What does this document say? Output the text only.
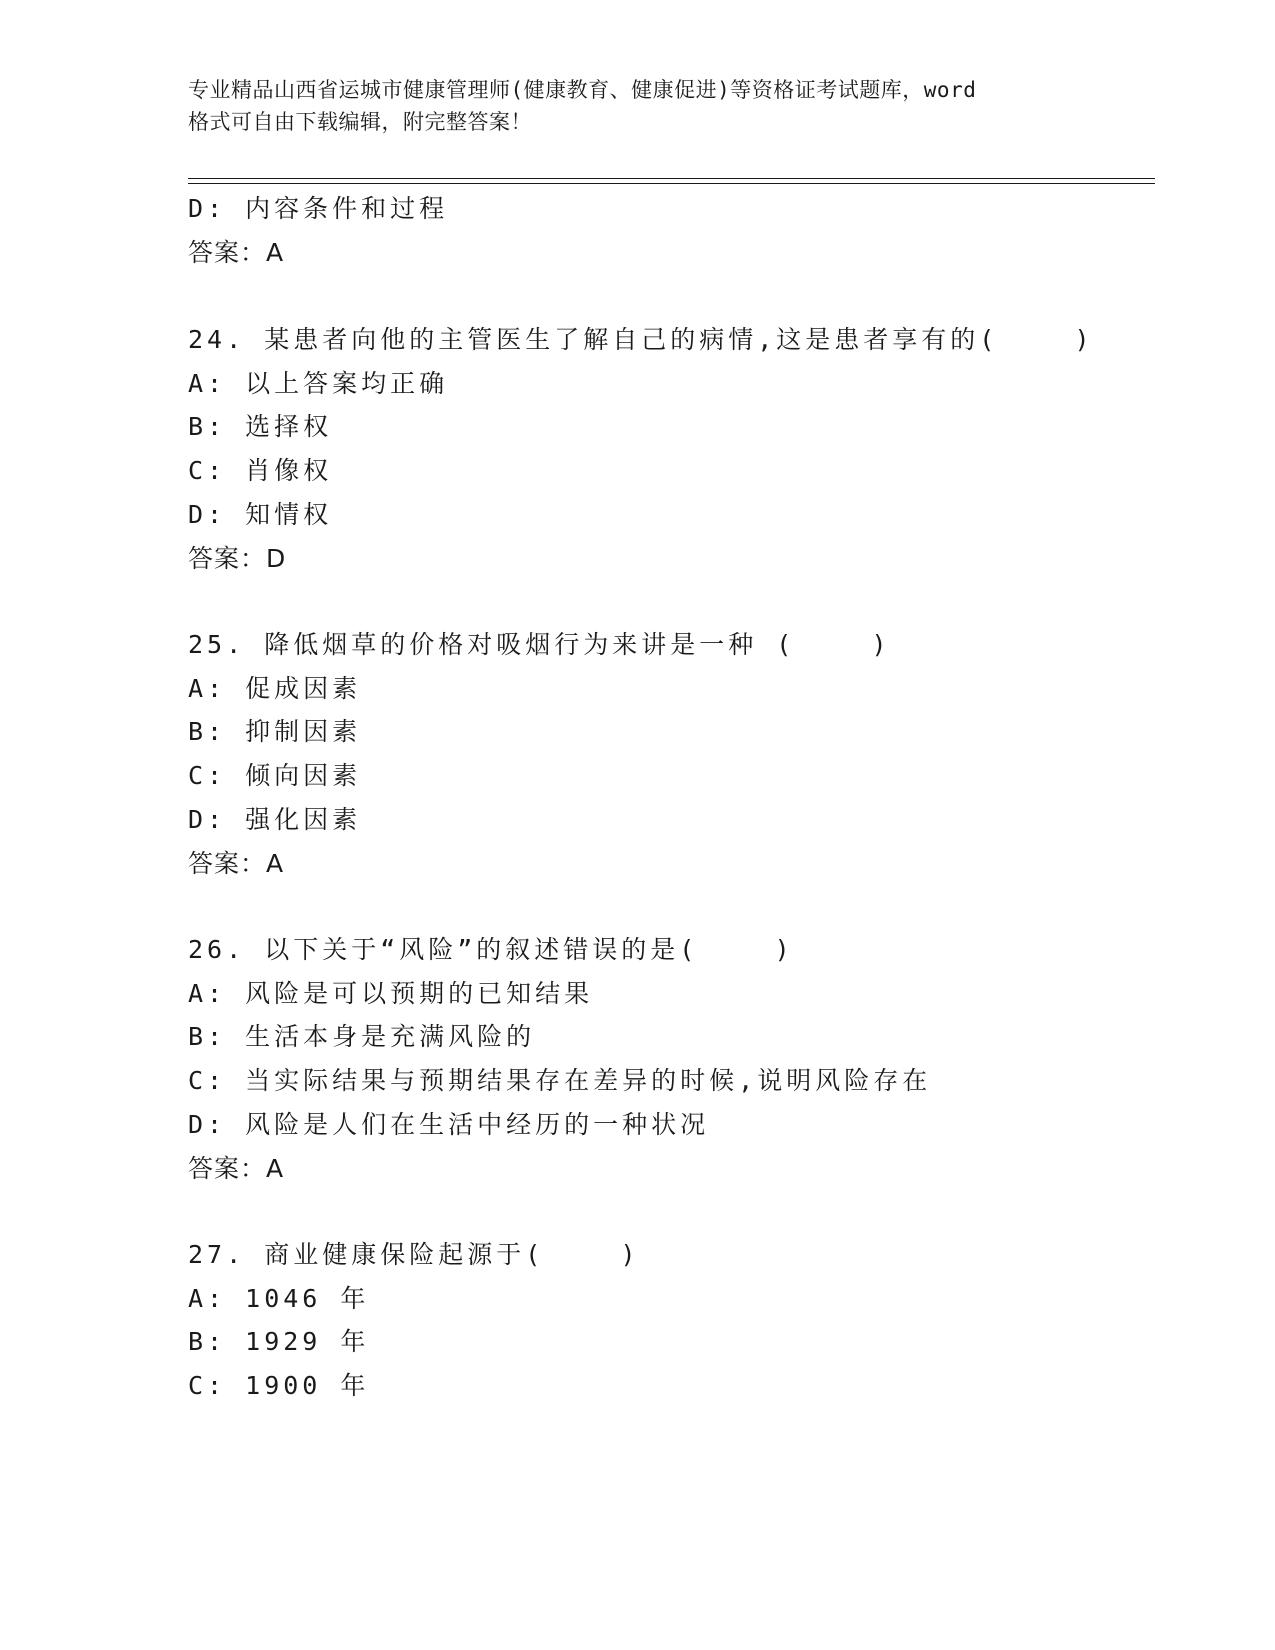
专业精品山西省运城市健康管理师(健康教育、健康促进)等资格证考试题库，word
格式可自由下载编辑，附完整答案！
D: 内容条件和过程
答案：A
24. 某患者向他的主管医生了解自己的病情,这是患者享有的(    )
A: 以上答案均正确
B: 选择权
C: 肖像权
D: 知情权
答案：D
25. 降低烟草的价格对吸烟行为来讲是一种 (    )
A: 促成因素
B: 抑制因素
C: 倾向因素
D: 强化因素
答案：A
26. 以下关于“风险”的叙述错误的是(    )
A: 风险是可以预期的已知结果
B: 生活本身是充满风险的
C: 当实际结果与预期结果存在差异的时候,说明风险存在
D: 风险是人们在生活中经历的一种状况
答案：A
27. 商业健康保险起源于(    )
A: 1046 年
B: 1929 年
C: 1900 年
